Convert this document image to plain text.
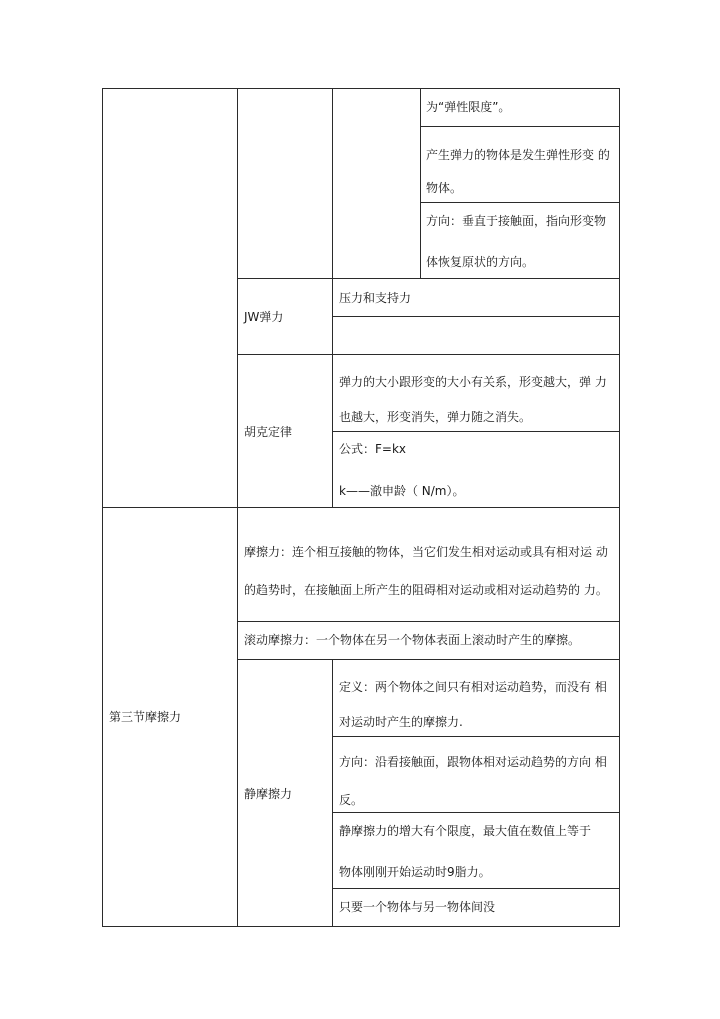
为“弹性限度”。
产生弹力的物体是发生弹性形变 的
物体。
方向：垂直于接触面，指向形变物
体恢复原状的方向。
JW弹力
压力和支持力
胡克定律
弹力的大小跟形变的大小有关系，形变越大，弹 力
也越大，形变消失，弹力随之消失。
公式：F=kx
k——澈申龄（ N/m）。
第三节摩擦力
摩擦力：连个相互接触的物体，当它们发生相对运动或具有相对运 动
的趋势时，在接触面上所产生的阻碍相对运动或相对运动趋势的 力。
滚动摩擦力：一个物体在另一个物体表面上滚动时产生的摩擦。
静摩擦力
定义：两个物体之间只有相对运动趋势，而没有 相
对运动时产生的摩擦力.
方向：沿看接触面，跟物体相对运动趋势的方向 相
反。
静摩擦力的增大有个限度，最大值在数值上等于
物体刚刚开始运动时9脂力。
只要一个物体与另一物体间没
